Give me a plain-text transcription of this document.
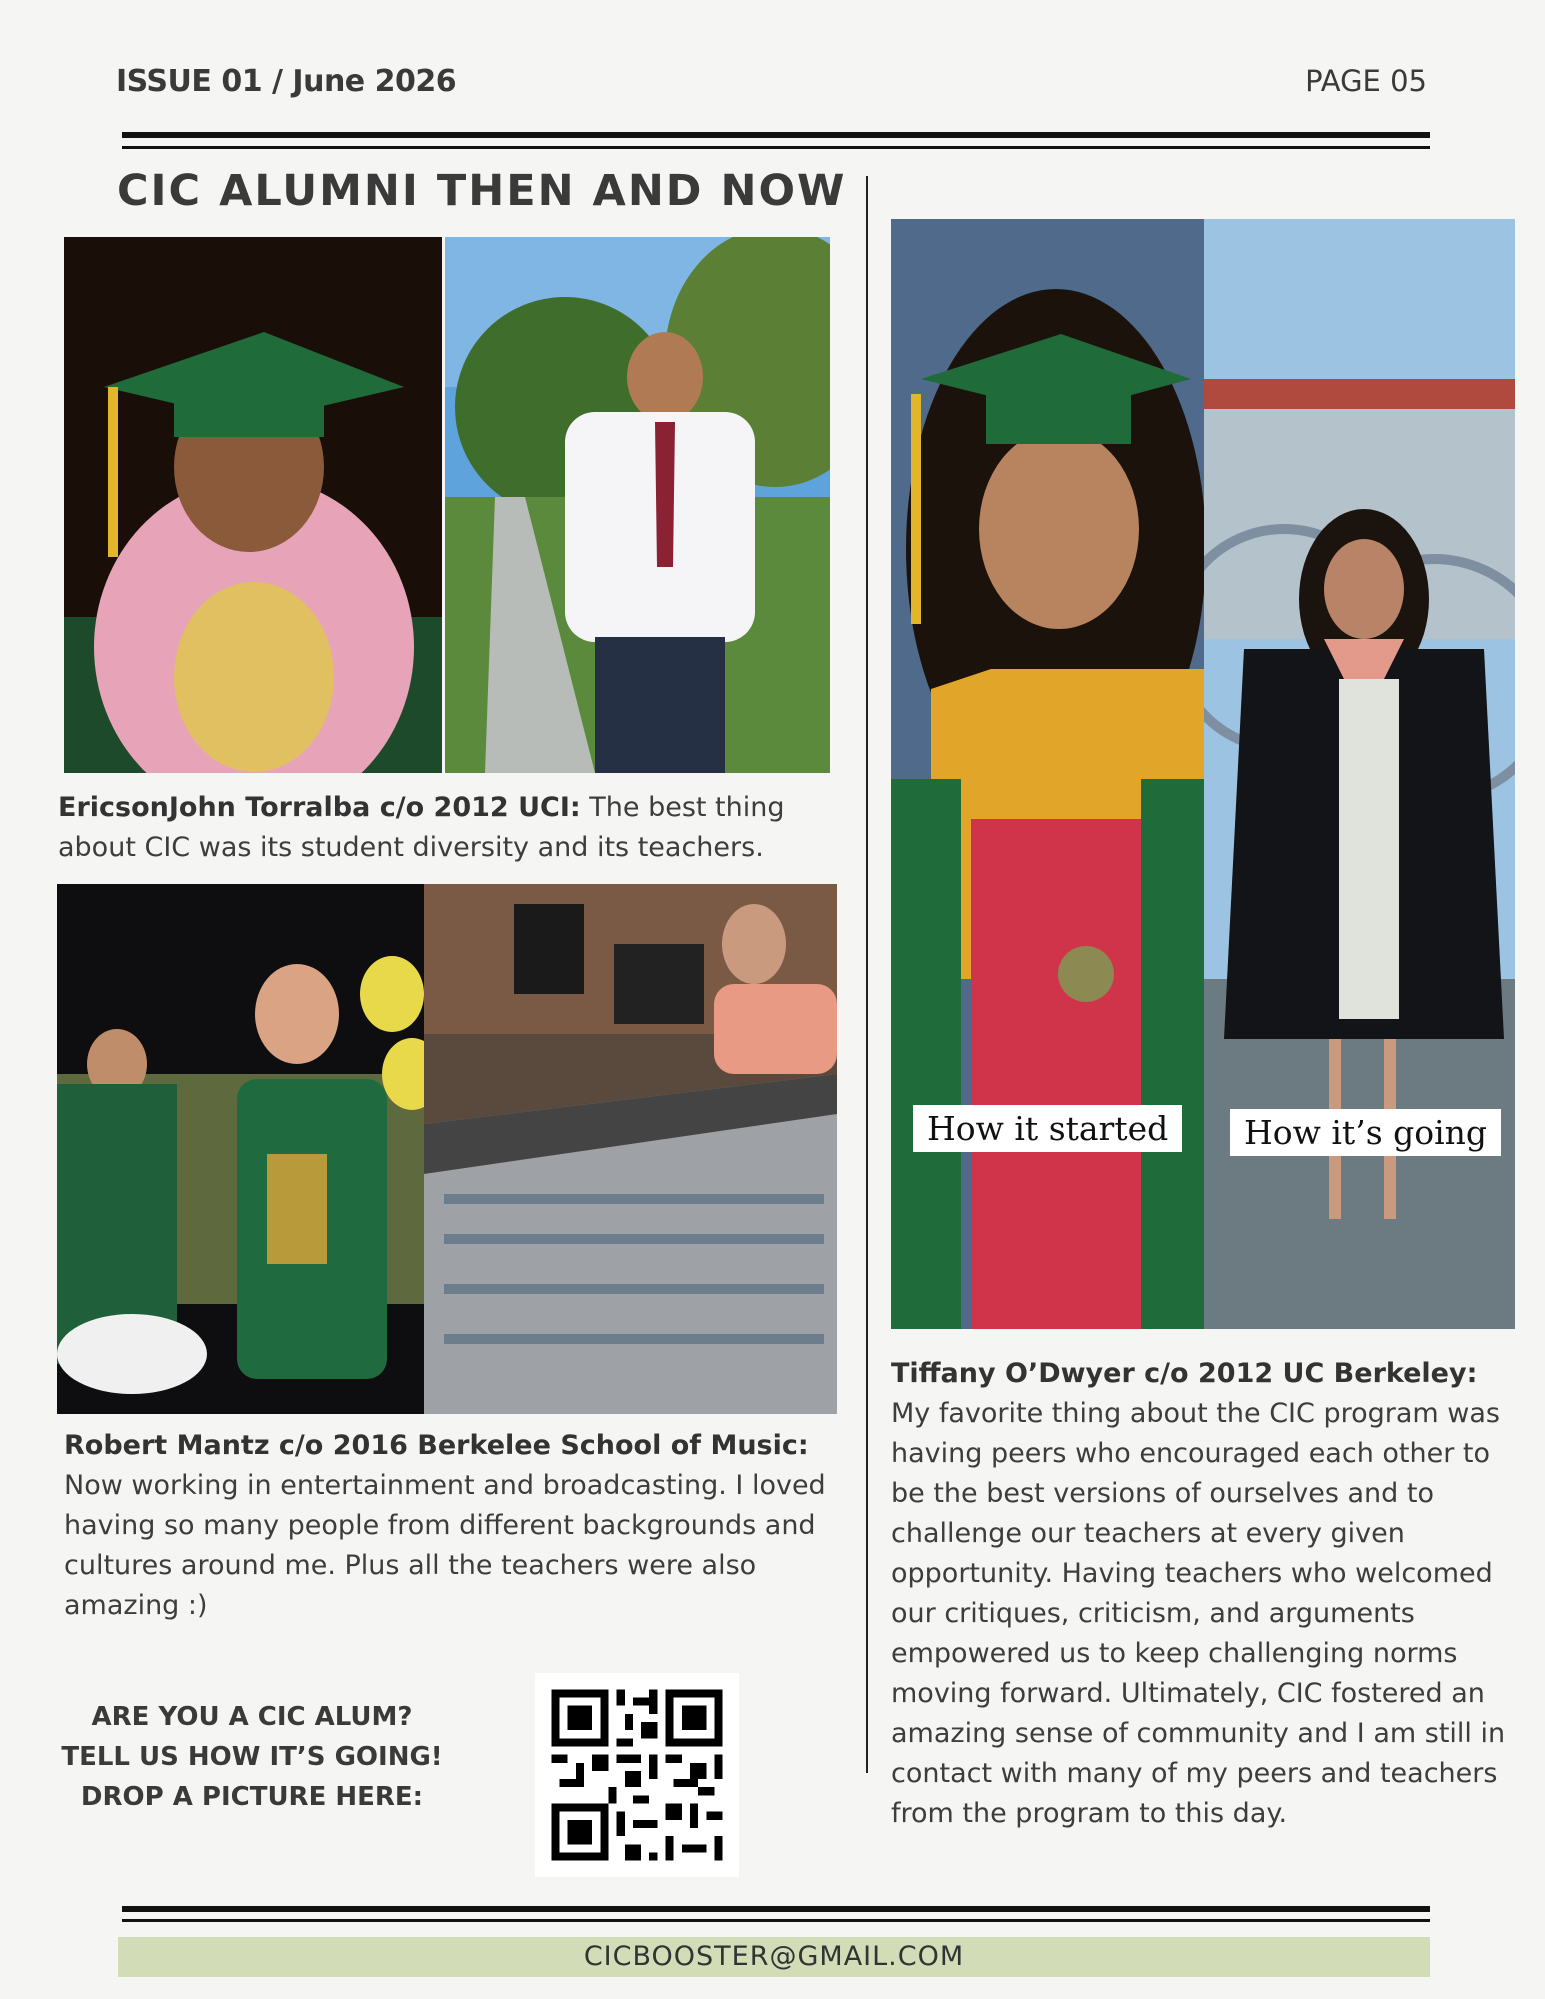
ISSUE 01 / June 2026	PAGE 05
CIC ALUMNI THEN AND NOW
EricsonJohn Torralba c/o 2012 UCI: The best thing about CIC was its student diversity and its teachers.
Robert Mantz c/o 2016 Berkelee School of Music: Now working in entertainment and broadcasting. I loved having so many people from different backgrounds and cultures around me. Plus all the teachers were also amazing :)
How it started	How it’s going
Tiffany O’Dwyer c/o 2012 UC Berkeley: My favorite thing about the CIC program was having peers who encouraged each other to be the best versions of ourselves and to challenge our teachers at every given opportunity. Having teachers who welcomed our critiques, criticism, and arguments empowered us to keep challenging norms moving forward. Ultimately, CIC fostered an amazing sense of community and I am still in contact with many of my peers and teachers from the program to this day.
ARE YOU A CIC ALUM?
TELL US HOW IT’S GOING!
DROP A PICTURE HERE:
CICBOOSTER@GMAIL.COM
